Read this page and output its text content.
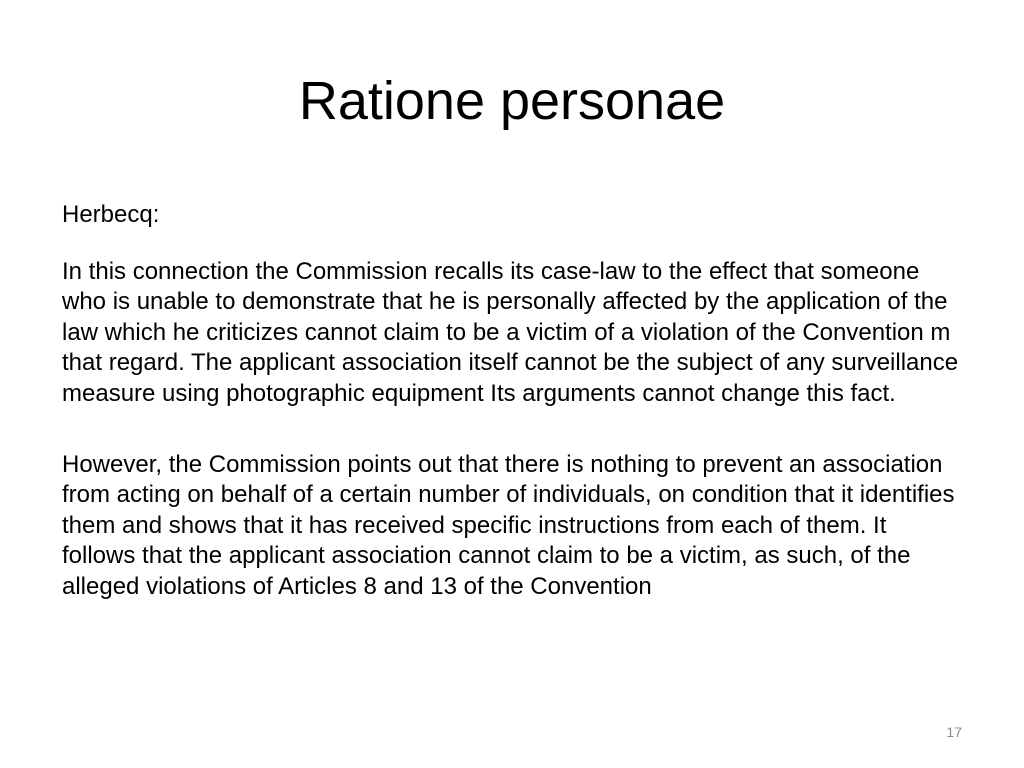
Ratione personae

Herbecq:

In this connection the Commission recalls its case-law to the effect that someone who is unable to demonstrate that he is personally affected by the application of the law which he criticizes cannot claim to be a victim of a violation of the Convention m that regard. The applicant association itself cannot be the subject of any surveillance measure using photographic equipment Its arguments cannot change this fact.

However, the Commission points out that there is nothing to prevent an association from acting on behalf of a certain number of individuals, on condition that it identifies them and shows that it has received specific instructions from each of them. It follows that the applicant association cannot claim to be a victim, as such, of the alleged violations of Articles 8 and 13 of the Convention

17
